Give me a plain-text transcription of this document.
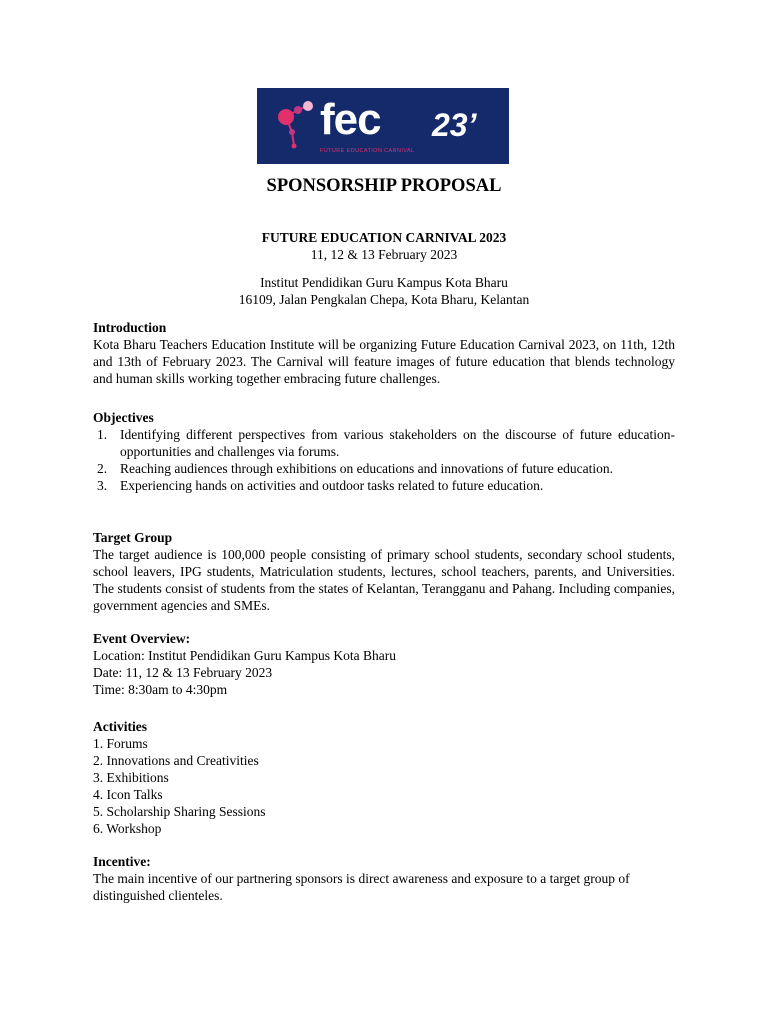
fec 23’
FUTURE EDUCATION CARNIVAL
SPONSORSHIP PROPOSAL
FUTURE EDUCATION CARNIVAL 2023
11, 12 & 13 February 2023
Institut Pendidikan Guru Kampus Kota Bharu
16109, Jalan Pengkalan Chepa, Kota Bharu, Kelantan
Introduction
Kota Bharu Teachers Education Institute will be organizing Future Education Carnival 2023, on 11th, 12th and 13th of February 2023. The Carnival will feature images of future education that blends technology and human skills working together embracing future challenges.
Objectives
1. Identifying different perspectives from various stakeholders on the discourse of future education-opportunities and challenges via forums.
2. Reaching audiences through exhibitions on educations and innovations of future education.
3. Experiencing hands on activities and outdoor tasks related to future education.
Target Group
The target audience is 100,000 people consisting of primary school students, secondary school students, school leavers, IPG students, Matriculation students, lectures, school teachers, parents, and Universities. The students consist of students from the states of Kelantan, Terangganu and Pahang. Including companies, government agencies and SMEs.

Event Overview:

Location: Institut Pendidikan Guru Kampus Kota Bharu

Date: 11, 12 & 13 February 2023

Time: 8:30am to 4:30pm

Activities

1. Forums

2. Innovations and Creativities

3. Exhibitions

4. Icon Talks

5. Scholarship Sharing Sessions

6. Workshop

Incentive:
The main incentive of our partnering sponsors is direct awareness and exposure to a target group of distinguished clienteles.
